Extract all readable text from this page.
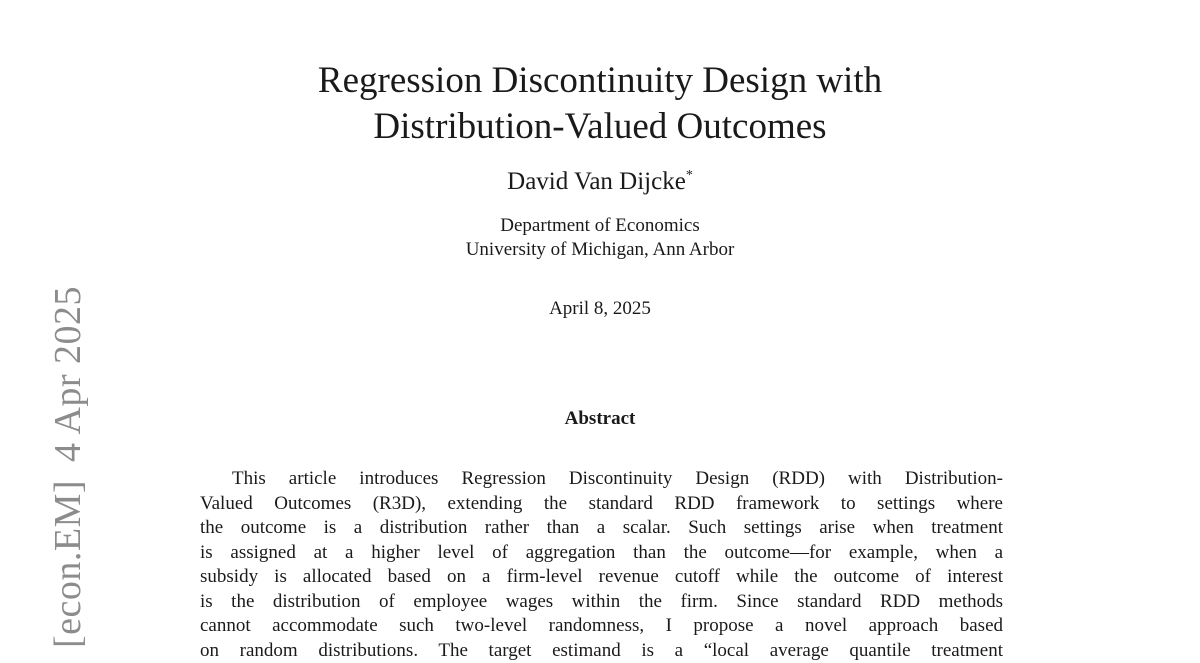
[econ.EM]4 Apr 2025
Regression Discontinuity Design with
Distribution-Valued Outcomes
David Van Dijcke*
Department of Economics
University of Michigan, Ann Arbor
April 8, 2025
Abstract
This article introduces Regression Discontinuity Design (RDD) with Distribution-
Valued Outcomes (R3D), extending the standard RDD framework to settings where
the outcome is a distribution rather than a scalar. Such settings arise when treatment
is assigned at a higher level of aggregation than the outcome—for example, when a
subsidy is allocated based on a firm-level revenue cutoff while the outcome of interest
is the distribution of employee wages within the firm. Since standard RDD methods
cannot accommodate such two-level randomness, I propose a novel approach based
on random distributions. The target estimand is a “local average quantile treatment
